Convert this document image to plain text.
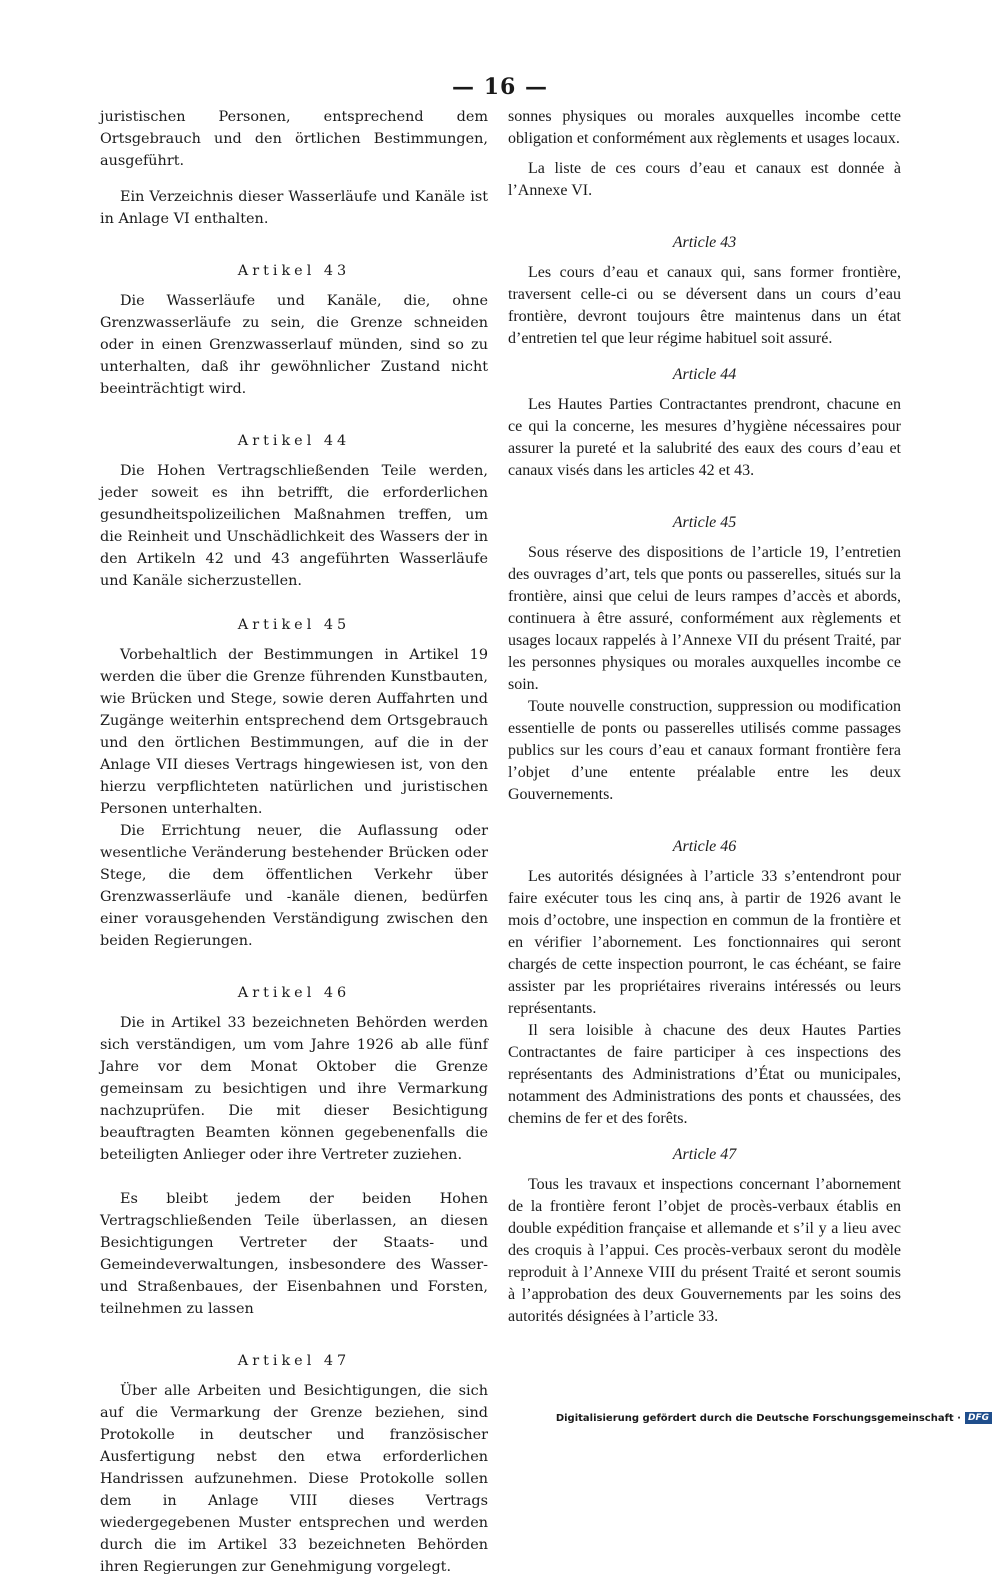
— 16 —

juristischen Personen, entsprechend dem Ortsgebrauch und den örtlichen Bestimmungen, ausgeführt.

Ein Verzeichnis dieser Wasserläufe und Kanäle ist in Anlage VI enthalten.

Artikel 43

Die Wasserläufe und Kanäle, die, ohne Grenzwasserläufe zu sein, die Grenze schneiden oder in einen Grenzwasserlauf münden, sind so zu unterhalten, daß ihr gewöhnlicher Zustand nicht beeinträchtigt wird.

Artikel 44

Die Hohen Vertragschließenden Teile werden, jeder soweit es ihn betrifft, die erforderlichen gesundheitspolizeilichen Maßnahmen treffen, um die Reinheit und Unschädlichkeit des Wassers der in den Artikeln 42 und 43 angeführten Wasserläufe und Kanäle sicherzustellen.

Artikel 45

Vorbehaltlich der Bestimmungen in Artikel 19 werden die über die Grenze führenden Kunstbauten, wie Brücken und Stege, sowie deren Auffahrten und Zugänge weiterhin entsprechend dem Ortsgebrauch und den örtlichen Bestimmungen, auf die in der Anlage VII dieses Vertrags hingewiesen ist, von den hierzu verpflichteten natürlichen und juristischen Personen unterhalten.

Die Errichtung neuer, die Auflassung oder wesentliche Veränderung bestehender Brücken oder Stege, die dem öffentlichen Verkehr über Grenzwasserläufe und -kanäle dienen, bedürfen einer vorausgehenden Verständigung zwischen den beiden Regierungen.

Artikel 46

Die in Artikel 33 bezeichneten Behörden werden sich verständigen, um vom Jahre 1926 ab alle fünf Jahre vor dem Monat Oktober die Grenze gemeinsam zu besichtigen und ihre Vermarkung nachzuprüfen. Die mit dieser Besichtigung beauftragten Beamten können gegebenenfalls die beteiligten Anlieger oder ihre Vertreter zuziehen.

Es bleibt jedem der beiden Hohen Vertragschließenden Teile überlassen, an diesen Besichtigungen Vertreter der Staats- und Gemeindeverwaltungen, insbesondere des Wasser- und Straßenbaues, der Eisenbahnen und Forsten, teilnehmen zu lassen

Artikel 47

Über alle Arbeiten und Besichtigungen, die sich auf die Vermarkung der Grenze beziehen, sind Protokolle in deutscher und französischer Ausfertigung nebst den etwa erforderlichen Handrissen aufzunehmen. Diese Protokolle sollen dem in Anlage VIII dieses Vertrags wiedergegebenen Muster entsprechen und werden durch die im Artikel 33 bezeichneten Behörden ihren Regierungen zur Genehmigung vorgelegt.

sonnes physiques ou morales auxquelles incombe cette obligation et conformément aux règlements et usages locaux.

La liste de ces cours d’eau et canaux est donnée à l’Annexe VI.

Article 43

Les cours d’eau et canaux qui, sans former frontière, traversent celle-ci ou se déversent dans un cours d’eau frontière, devront toujours être maintenus dans un état d’entretien tel que leur régime habituel soit assuré.

Article 44

Les Hautes Parties Contractantes prendront, chacune en ce qui la concerne, les mesures d’hygiène nécessaires pour assurer la pureté et la salubrité des eaux des cours d’eau et canaux visés dans les articles 42 et 43.

Article 45

Sous réserve des dispositions de l’article 19, l’entretien des ouvrages d’art, tels que ponts ou passerelles, situés sur la frontière, ainsi que celui de leurs rampes d’accès et abords, continuera à être assuré, conformément aux règlements et usages locaux rappelés à l’Annexe VII du présent Traité, par les personnes physiques ou morales auxquelles incombe ce soin.

Toute nouvelle construction, suppression ou modification essentielle de ponts ou passerelles utilisés comme passages publics sur les cours d’eau et canaux formant frontière fera l’objet d’une entente préalable entre les deux Gouvernements.

Article 46

Les autorités désignées à l’article 33 s’entendront pour faire exécuter tous les cinq ans, à partir de 1926 avant le mois d’octobre, une inspection en commun de la frontière et en vérifier l’abornement. Les fonctionnaires qui seront chargés de cette inspection pourront, le cas échéant, se faire assister par les propriétaires riverains intéressés ou leurs représentants.

Il sera loisible à chacune des deux Hautes Parties Contractantes de faire participer à ces inspections des représentants des Administrations d’État ou municipales, notamment des Administrations des ponts et chaussées, des chemins de fer et des forêts.

Article 47

Tous les travaux et inspections concernant l’abornement de la frontière feront l’objet de procès-verbaux établis en double expédition française et allemande et s’il y a lieu avec des croquis à l’appui. Ces procès-verbaux seront du modèle reproduit à l’Annexe VIII du présent Traité et seront soumis à l’approbation des deux Gouvernements par les soins des autorités désignées à l’article 33.

Digitalisierung gefördert durch die Deutsche Forschungsgemeinschaft · DFG
